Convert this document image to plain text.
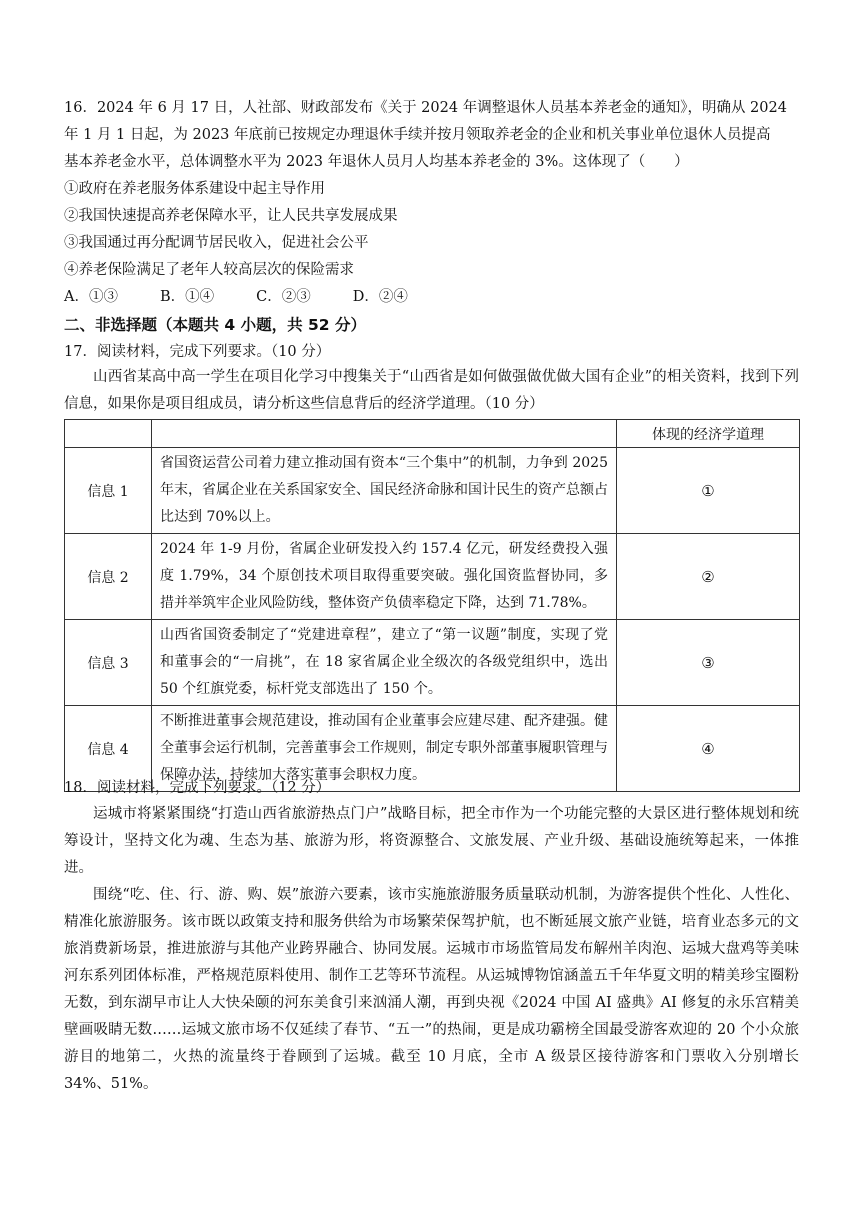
16．2024 年 6 月 17 日，人社部、财政部发布《关于 2024 年调整退休人员基本养老金的通知》，明确从 2024
年 1 月 1 日起，为 2023 年底前已按规定办理退休手续并按月领取养老金的企业和机关事业单位退休人员提高
基本养老金水平，总体调整水平为 2023 年退休人员月人均基本养老金的 3%。这体现了（　　）
①政府在养老服务体系建设中起主导作用
②我国快速提高养老保障水平，让人民共享发展成果
③我国通过再分配调节居民收入，促进社会公平
④养老保险满足了老年人较高层次的保险需求
A．①③	B．①④	C．②③	D．②④
二、非选择题（本题共 4 小题，共 52 分）
17．阅读材料，完成下列要求。（10 分）
山西省某高中高一学生在项目化学习中搜集关于“山西省是如何做强做优做大国有企业”的相关资料，找到下列信息，如果你是项目组成员，请分析这些信息背后的经济学道理。（10 分）
		体现的经济学道理
信息 1	省国资运营公司着力建立推动国有资本“三个集中”的机制，力争到 2025 年末，省属企业在关系国家安全、国民经济命脉和国计民生的资产总额占比达到 70%以上。	①
信息 2	2024 年 1-9 月份，省属企业研发投入约 157.4 亿元，研发经费投入强度 1.79%，34 个原创技术项目取得重要突破。强化国资监督协同，多措并举筑牢企业风险防线，整体资产负债率稳定下降，达到 71.78%。	②
信息 3	山西省国资委制定了“党建进章程”，建立了“第一议题”制度，实现了党和董事会的“一肩挑”，在 18 家省属企业全级次的各级党组织中，选出 50 个红旗党委，标杆党支部选出了 150 个。	③
信息 4	不断推进董事会规范建设，推动国有企业董事会应建尽建、配齐建强。健全董事会运行机制，完善董事会工作规则，制定专职外部董事履职管理与保障办法，持续加大落实董事会职权力度。	④
18．阅读材料，完成下列要求。（12 分）
运城市将紧紧围绕“打造山西省旅游热点门户”战略目标，把全市作为一个功能完整的大景区进行整体规划和统筹设计，坚持文化为魂、生态为基、旅游为形，将资源整合、文旅发展、产业升级、基础设施统筹起来，一体推进。
围绕“吃、住、行、游、购、娱”旅游六要素，该市实施旅游服务质量联动机制，为游客提供个性化、人性化、精准化旅游服务。该市既以政策支持和服务供给为市场繁荣保驾护航，也不断延展文旅产业链，培育业态多元的文旅消费新场景，推进旅游与其他产业跨界融合、协同发展。运城市市场监管局发布解州羊肉泡、运城大盘鸡等美味河东系列团体标准，严格规范原料使用、制作工艺等环节流程。从运城博物馆涵盖五千年华夏文明的精美珍宝圈粉无数，到东湖早市让人大快朵颐的河东美食引来汹涌人潮，再到央视《2024 中国 AI 盛典》AI 修复的永乐宫精美壁画吸睛无数……运城文旅市场不仅延续了春节、“五一”的热闹，更是成功霸榜全国最受游客欢迎的 20 个小众旅游目的地第二，火热的流量终于眷顾到了运城。截至 10 月底，全市 A 级景区接待游客和门票收入分别增长 34%、51%。
